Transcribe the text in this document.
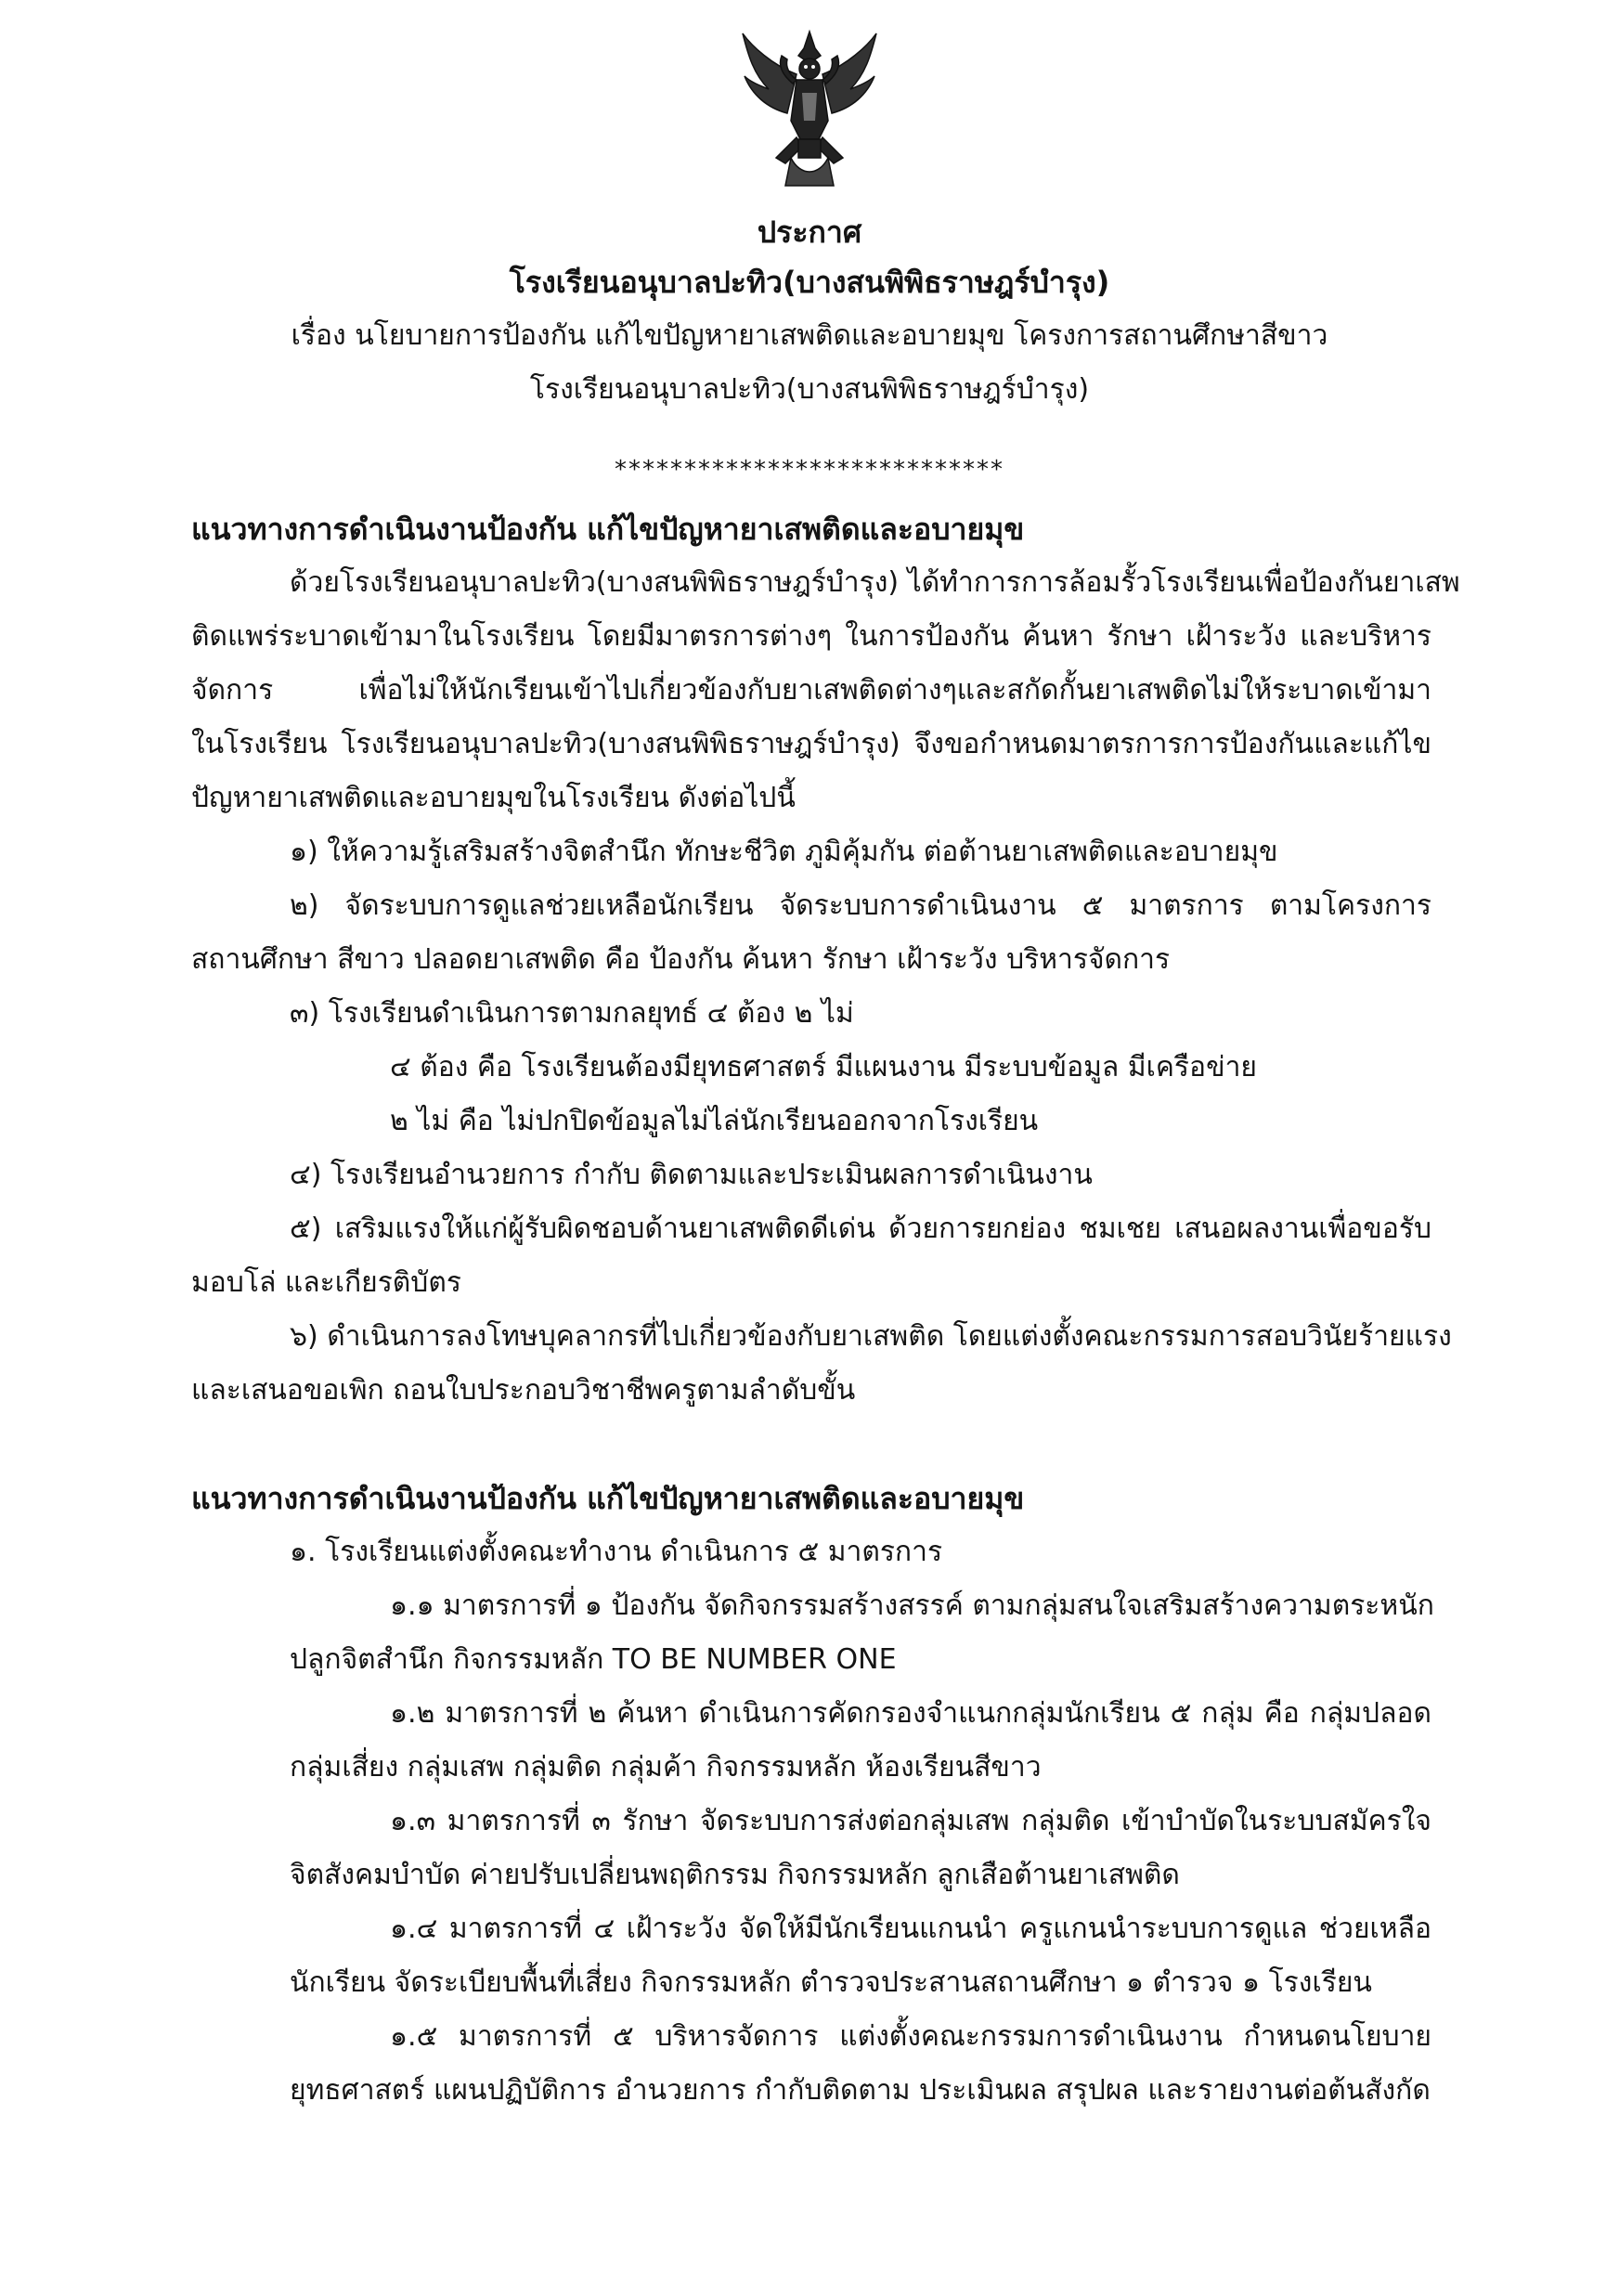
ประกาศ
โรงเรียนอนุบาลปะทิว(บางสนพิพิธราษฎร์บำรุง)
เรื่อง นโยบายการป้องกัน แก้ไขปัญหายาเสพติดและอบายมุข โครงการสถานศึกษาสีขาว
โรงเรียนอนุบาลปะทิว(บางสนพิพิธราษฎร์บำรุง)
****************************
แนวทางการดำเนินงานป้องกัน แก้ไขปัญหายาเสพติดและอบายมุข
ด้วยโรงเรียนอนุบาลปะทิว(บางสนพิพิธราษฎร์บำรุง) ได้ทำการการล้อมรั้วโรงเรียนเพื่อป้องกันยาเสพ
ติดแพร่ระบาดเข้ามาในโรงเรียน โดยมีมาตรการต่างๆ ในการป้องกัน ค้นหา รักษา เฝ้าระวัง และบริหาร
จัดการ เพื่อไม่ให้นักเรียนเข้าไปเกี่ยวข้องกับยาเสพติดต่างๆและสกัดกั้นยาเสพติดไม่ให้ระบาดเข้ามา
ในโรงเรียน โรงเรียนอนุบาลปะทิว(บางสนพิพิธราษฎร์บำรุง) จึงขอกำหนดมาตรการการป้องกันและแก้ไข
ปัญหายาเสพติดและอบายมุขในโรงเรียน ดังต่อไปนี้
๑) ให้ความรู้เสริมสร้างจิตสำนึก ทักษะชีวิต ภูมิคุ้มกัน ต่อต้านยาเสพติดและอบายมุข
๒) จัดระบบการดูแลช่วยเหลือนักเรียน จัดระบบการดำเนินงาน ๕ มาตรการ ตามโครงการ
สถานศึกษา สีขาว ปลอดยาเสพติด คือ ป้องกัน ค้นหา รักษา เฝ้าระวัง บริหารจัดการ
๓) โรงเรียนดำเนินการตามกลยุทธ์ ๔ ต้อง ๒ ไม่
๔ ต้อง คือ โรงเรียนต้องมียุทธศาสตร์ มีแผนงาน มีระบบข้อมูล มีเครือข่าย
๒ ไม่ คือ ไม่ปกปิดข้อมูลไม่ไล่นักเรียนออกจากโรงเรียน
๔) โรงเรียนอำนวยการ กำกับ ติดตามและประเมินผลการดำเนินงาน
๕) เสริมแรงให้แก่ผู้รับผิดชอบด้านยาเสพติดดีเด่น ด้วยการยกย่อง ชมเชย เสนอผลงานเพื่อขอรับ
มอบโล่ และเกียรติบัตร
๖) ดำเนินการลงโทษบุคลากรที่ไปเกี่ยวข้องกับยาเสพติด โดยแต่งตั้งคณะกรรมการสอบวินัยร้ายแรง
และเสนอขอเพิก ถอนใบประกอบวิชาชีพครูตามลำดับขั้น
แนวทางการดำเนินงานป้องกัน แก้ไขปัญหายาเสพติดและอบายมุข
๑. โรงเรียนแต่งตั้งคณะทำงาน ดำเนินการ ๕ มาตรการ
๑.๑ มาตรการที่ ๑ ป้องกัน จัดกิจกรรมสร้างสรรค์ ตามกลุ่มสนใจเสริมสร้างความตระหนัก
ปลูกจิตสำนึก กิจกรรมหลัก TO BE NUMBER ONE
๑.๒ มาตรการที่ ๒ ค้นหา ดำเนินการคัดกรองจำแนกกลุ่มนักเรียน ๕ กลุ่ม คือ กลุ่มปลอด
กลุ่มเสี่ยง กลุ่มเสพ กลุ่มติด กลุ่มค้า กิจกรรมหลัก ห้องเรียนสีขาว
๑.๓ มาตรการที่ ๓ รักษา จัดระบบการส่งต่อกลุ่มเสพ กลุ่มติด เข้าบำบัดในระบบสมัครใจ
จิตสังคมบำบัด ค่ายปรับเปลี่ยนพฤติกรรม กิจกรรมหลัก ลูกเสือต้านยาเสพติด
๑.๔ มาตรการที่ ๔ เฝ้าระวัง จัดให้มีนักเรียนแกนนำ ครูแกนนำระบบการดูแล ช่วยเหลือ
นักเรียน จัดระเบียบพื้นที่เสี่ยง กิจกรรมหลัก ตำรวจประสานสถานศึกษา ๑ ตำรวจ ๑ โรงเรียน
๑.๕ มาตรการที่ ๕ บริหารจัดการ แต่งตั้งคณะกรรมการดำเนินงาน กำหนดนโยบาย
ยุทธศาสตร์ แผนปฏิบัติการ อำนวยการ กำกับติดตาม ประเมินผล สรุปผล และรายงานต่อต้นสังกัด
